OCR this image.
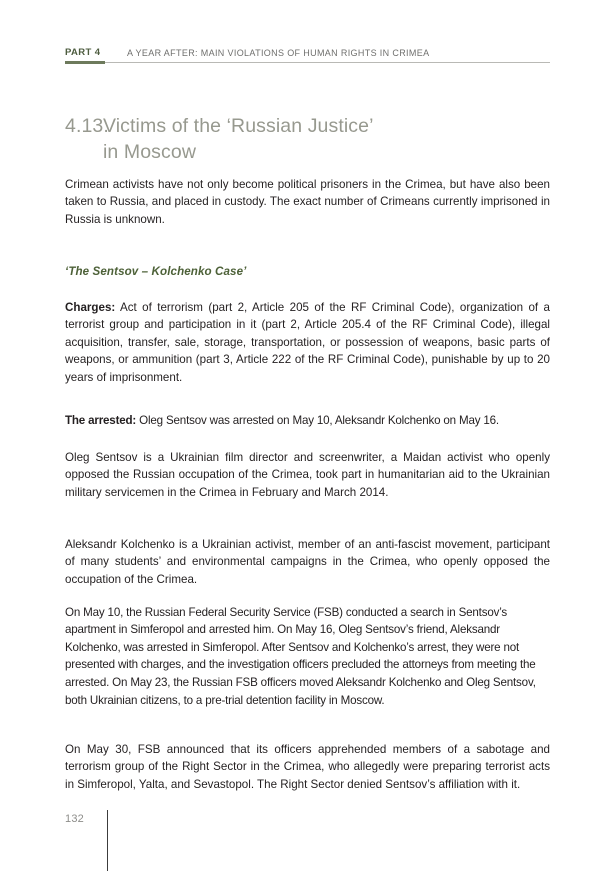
PART 4	A YEAR AFTER: MAIN VIOLATIONS OF HUMAN RIGHTS IN CRIMEA
4.13.Victims of the ‘Russian Justice’
in Moscow

Crimean activists have not only become political prisoners in the Crimea, but have also been taken to Russia, and placed in custody. The exact number of Crimeans currently imprisoned in Russia is unknown.

‘The Sentsov – Kolchenko Case’

Charges: Act of terrorism (part 2, Article 205 of the RF Criminal Code), organization of a terrorist group and participation in it (part 2, Article 205.4 of the RF Criminal Code), illegal acquisition, transfer, sale, storage, transportation, or possession of weapons, basic parts of weapons, or ammunition (part 3, Article 222 of the RF Criminal Code), punishable by up to 20 years of imprisonment.

The arrested: Oleg Sentsov was arrested on May 10, Aleksandr Kolchenko on May 16.

Oleg Sentsov is a Ukrainian film director and screenwriter, a Maidan activist who openly opposed the Russian occupation of the Crimea, took part in humanitarian aid to the Ukrainian military servicemen in the Crimea in February and March 2014.

Aleksandr Kolchenko is a Ukrainian activist, member of an anti-fascist movement, participant of many students’ and environmental campaigns in the Crimea, who openly opposed the occupation of the Crimea.

On May 10, the Russian Federal Security Service (FSB) conducted a search in Sentsov’s apartment in Simferopol and arrested him. On May 16, Oleg Sentsov’s friend, Aleksandr Kolchenko, was arrested in Simferopol. After Sentsov and Kolchenko’s arrest, they were not presented with charges, and the investigation officers precluded the attorneys from meeting the arrested. On May 23, the Russian FSB officers moved Aleksandr Kolchenko and Oleg Sentsov, both Ukrainian citizens, to a pre-trial detention facility in Moscow.

On May 30, FSB announced that its officers apprehended members of a sabotage and terrorism group of the Right Sector in the Crimea, who allegedly were preparing terrorist acts in Simferopol, Yalta, and Sevastopol. The Right Sector denied Sentsov’s affiliation with it.

132
